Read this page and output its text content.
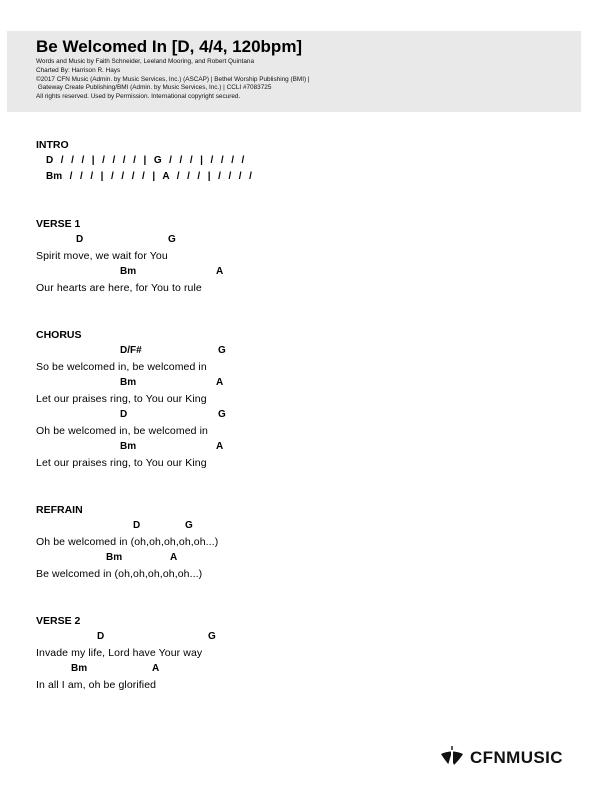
Be Welcomed In [D, 4/4, 120bpm]
Words and Music by Faith Schneider, Leeland Mooring, and Robert Quintana
Charted By: Harrison R. Hays
©2017 CFN Music (Admin. by Music Services, Inc.) (ASCAP) | Bethel Worship Publishing (BMI) |
Gateway Create Publishing/BMI (Admin. by Music Services, Inc.) | CCLI #7083725
All rights reserved. Used by Permission. International copyright secured.
INTRO
D  /  /  /  |  /  /  /  /  |  G  /  /  /  |  /  /  /  /
Bm  /  /  /  |  /  /  /  /  |  A  /  /  /  |  /  /  /  /
VERSE 1
D	G
Spirit move, we wait for You
Bm	A
Our hearts are here, for You to rule
CHORUS
D/F#	G
So be welcomed in, be welcomed in
Bm	A
Let our praises ring, to You our King
D	G
Oh be welcomed in, be welcomed in
Bm	A
Let our praises ring, to You our King
REFRAIN
D	G
Oh be welcomed in (oh,oh,oh,oh,oh...)
Bm	A
Be welcomed in (oh,oh,oh,oh,oh...)
VERSE 2
D	G
Invade my life, Lord have Your way
Bm	A
In all I am, oh be glorified
CFNMUSIC
